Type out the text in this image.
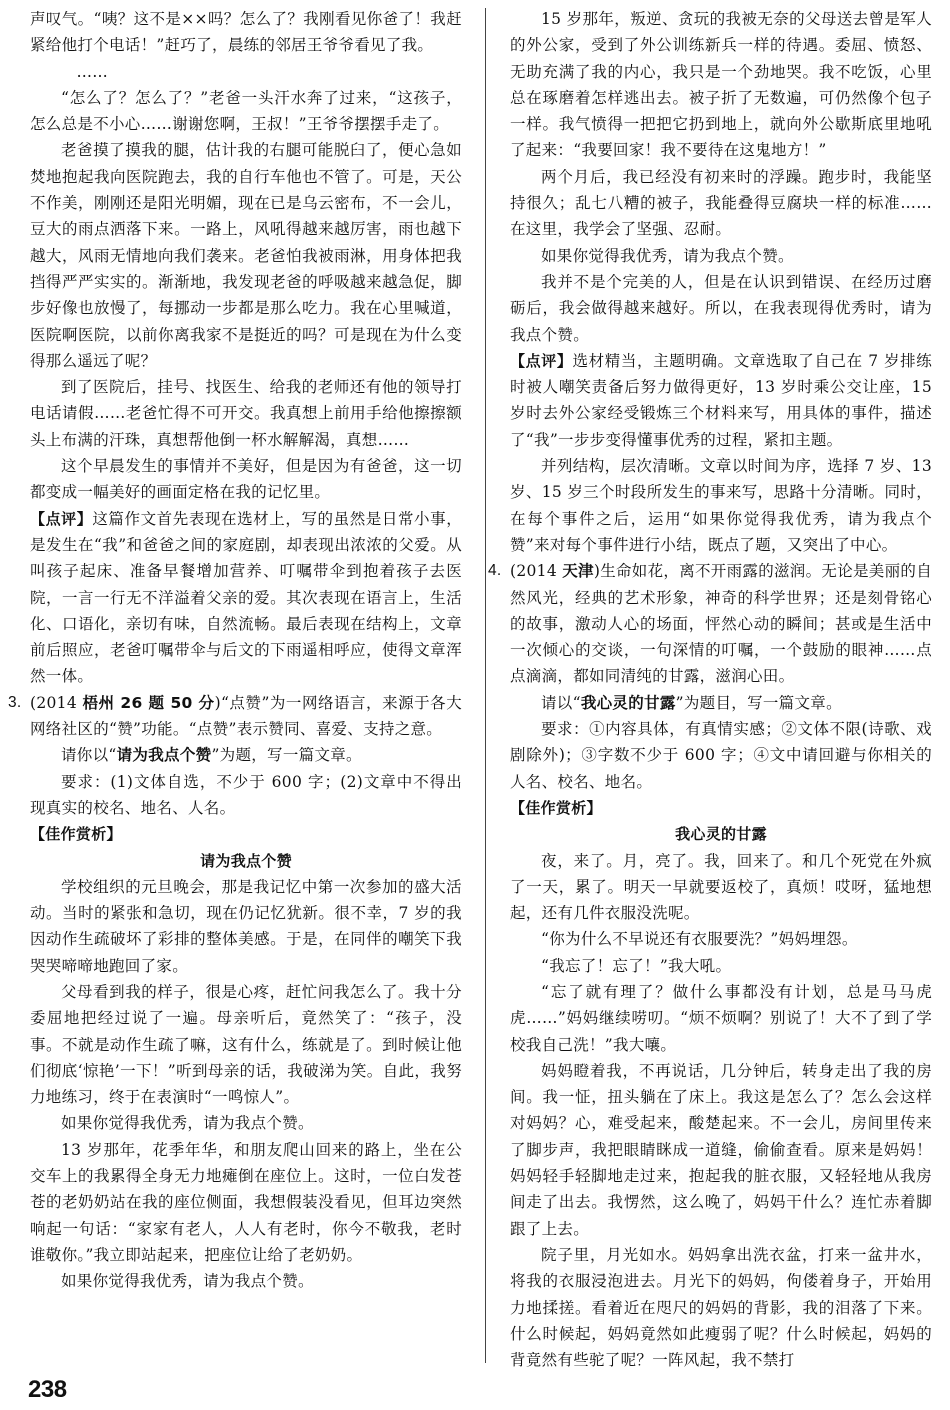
声叹气。“咦？这不是××吗？怎么了？我刚看见你爸了！我赶紧给他打个电话！”赶巧了，晨练的邻居王爷爷看见了我。

……

“怎么了？怎么了？”老爸一头汗水奔了过来，“这孩子，怎么总是不小心……谢谢您啊，王叔！”王爷爷摆摆手走了。

老爸摸了摸我的腿，估计我的右腿可能脱臼了，便心急如焚地抱起我向医院跑去，我的自行车他也不管了。可是，天公不作美，刚刚还是阳光明媚，现在已是乌云密布，不一会儿，豆大的雨点洒落下来。一路上，风吼得越来越厉害，雨也越下越大，风雨无情地向我们袭来。老爸怕我被雨淋，用身体把我挡得严严实实的。渐渐地，我发现老爸的呼吸越来越急促，脚步好像也放慢了，每挪动一步都是那么吃力。我在心里喊道，医院啊医院，以前你离我家不是挺近的吗？可是现在为什么变得那么遥远了呢？

到了医院后，挂号、找医生、给我的老师还有他的领导打电话请假……老爸忙得不可开交。我真想上前用手给他擦擦额头上布满的汗珠，真想帮他倒一杯水解解渴，真想……

这个早晨发生的事情并不美好，但是因为有爸爸，这一切都变成一幅美好的画面定格在我的记忆里。

【点评】这篇作文首先表现在选材上，写的虽然是日常小事，是发生在“我”和爸爸之间的家庭剧，却表现出浓浓的父爱。从叫孩子起床、准备早餐增加营养、叮嘱带伞到抱着孩子去医院，一言一行无不洋溢着父亲的爱。其次表现在语言上，生活化、口语化，亲切有味，自然流畅。最后表现在结构上，文章前后照应，老爸叮嘱带伞与后文的下雨遥相呼应，使得文章浑然一体。

3. (2014 梧州 26 题 50 分)“点赞”为一网络语言，来源于各大网络社区的“赞”功能。“点赞”表示赞同、喜爱、支持之意。

请你以“请为我点个赞”为题，写一篇文章。

要求：(1)文体自选，不少于 600 字；(2)文章中不得出现真实的校名、地名、人名。

【佳作赏析】

请为我点个赞

学校组织的元旦晚会，那是我记忆中第一次参加的盛大活动。当时的紧张和急切，现在仍记忆犹新。很不幸，7 岁的我因动作生疏破坏了彩排的整体美感。于是，在同伴的嘲笑下我哭哭啼啼地跑回了家。

父母看到我的样子，很是心疼，赶忙问我怎么了。我十分委屈地把经过说了一遍。母亲听后，竟然笑了：“孩子，没事。不就是动作生疏了嘛，这有什么，练就是了。到时候让他们彻底‘惊艳’一下！”听到母亲的话，我破涕为笑。自此，我努力地练习，终于在表演时“一鸣惊人”。

如果你觉得我优秀，请为我点个赞。

13 岁那年，花季年华，和朋友爬山回来的路上，坐在公交车上的我累得全身无力地瘫倒在座位上。这时，一位白发苍苍的老奶奶站在我的座位侧面，我想假装没看见，但耳边突然响起一句话：“家家有老人，人人有老时，你今不敬我，老时谁敬你。”我立即站起来，把座位让给了老奶奶。

如果你觉得我优秀，请为我点个赞。

15 岁那年，叛逆、贪玩的我被无奈的父母送去曾是军人的外公家，受到了外公训练新兵一样的待遇。委屈、愤怒、无助充满了我的内心，我只是一个劲地哭。我不吃饭，心里总在琢磨着怎样逃出去。被子折了无数遍，可仍然像个包子一样。我气愤得一把把它扔到地上，就向外公歇斯底里地吼了起来：“我要回家！我不要待在这鬼地方！”

两个月后，我已经没有初来时的浮躁。跑步时，我能坚持很久；乱七八糟的被子，我能叠得豆腐块一样的标准……在这里，我学会了坚强、忍耐。

如果你觉得我优秀，请为我点个赞。

我并不是个完美的人，但是在认识到错误、在经历过磨砺后，我会做得越来越好。所以，在我表现得优秀时，请为我点个赞。

【点评】选材精当，主题明确。文章选取了自己在 7 岁排练时被人嘲笑责备后努力做得更好，13 岁时乘公交让座，15 岁时去外公家经受锻炼三个材料来写，用具体的事件，描述了“我”一步步变得懂事优秀的过程，紧扣主题。

并列结构，层次清晰。文章以时间为序，选择 7 岁、13 岁、15 岁三个时段所发生的事来写，思路十分清晰。同时，在每个事件之后，运用“如果你觉得我优秀，请为我点个赞”来对每个事件进行小结，既点了题，又突出了中心。

4. (2014 天津)生命如花，离不开雨露的滋润。无论是美丽的自然风光，经典的艺术形象，神奇的科学世界；还是刻骨铭心的故事，激动人心的场面，怦然心动的瞬间；甚或是生活中一次倾心的交谈，一句深情的叮嘱，一个鼓励的眼神……点点滴滴，都如同清纯的甘露，滋润心田。

请以“我心灵的甘露”为题目，写一篇文章。

要求：①内容具体，有真情实感；②文体不限(诗歌、戏剧除外)；③字数不少于 600 字；④文中请回避与你相关的人名、校名、地名。

【佳作赏析】

我心灵的甘露

夜，来了。月，亮了。我，回来了。和几个死党在外疯了一天，累了。明天一早就要返校了，真烦！哎呀，猛地想起，还有几件衣服没洗呢。

“你为什么不早说还有衣服要洗？”妈妈埋怨。

“我忘了！忘了！”我大吼。

“忘了就有理了？做什么事都没有计划，总是马马虎虎……”妈妈继续唠叨。“烦不烦啊？别说了！大不了到了学校我自己洗！”我大嚷。

妈妈瞪着我，不再说话，几分钟后，转身走出了我的房间。我一怔，扭头躺在了床上。我这是怎么了？怎么会这样对妈妈？心，难受起来，酸楚起来。不一会儿，房间里传来了脚步声，我把眼睛眯成一道缝，偷偷查看。原来是妈妈！妈妈轻手轻脚地走过来，抱起我的脏衣服，又轻轻地从我房间走了出去。我愣然，这么晚了，妈妈干什么？连忙赤着脚跟了上去。

院子里，月光如水。妈妈拿出洗衣盆，打来一盆井水，将我的衣服浸泡进去。月光下的妈妈，佝偻着身子，开始用力地揉搓。看着近在咫尺的妈妈的背影，我的泪落了下来。什么时候起，妈妈竟然如此瘦弱了呢？什么时候起，妈妈的背竟然有些驼了呢？一阵风起，我不禁打

238
